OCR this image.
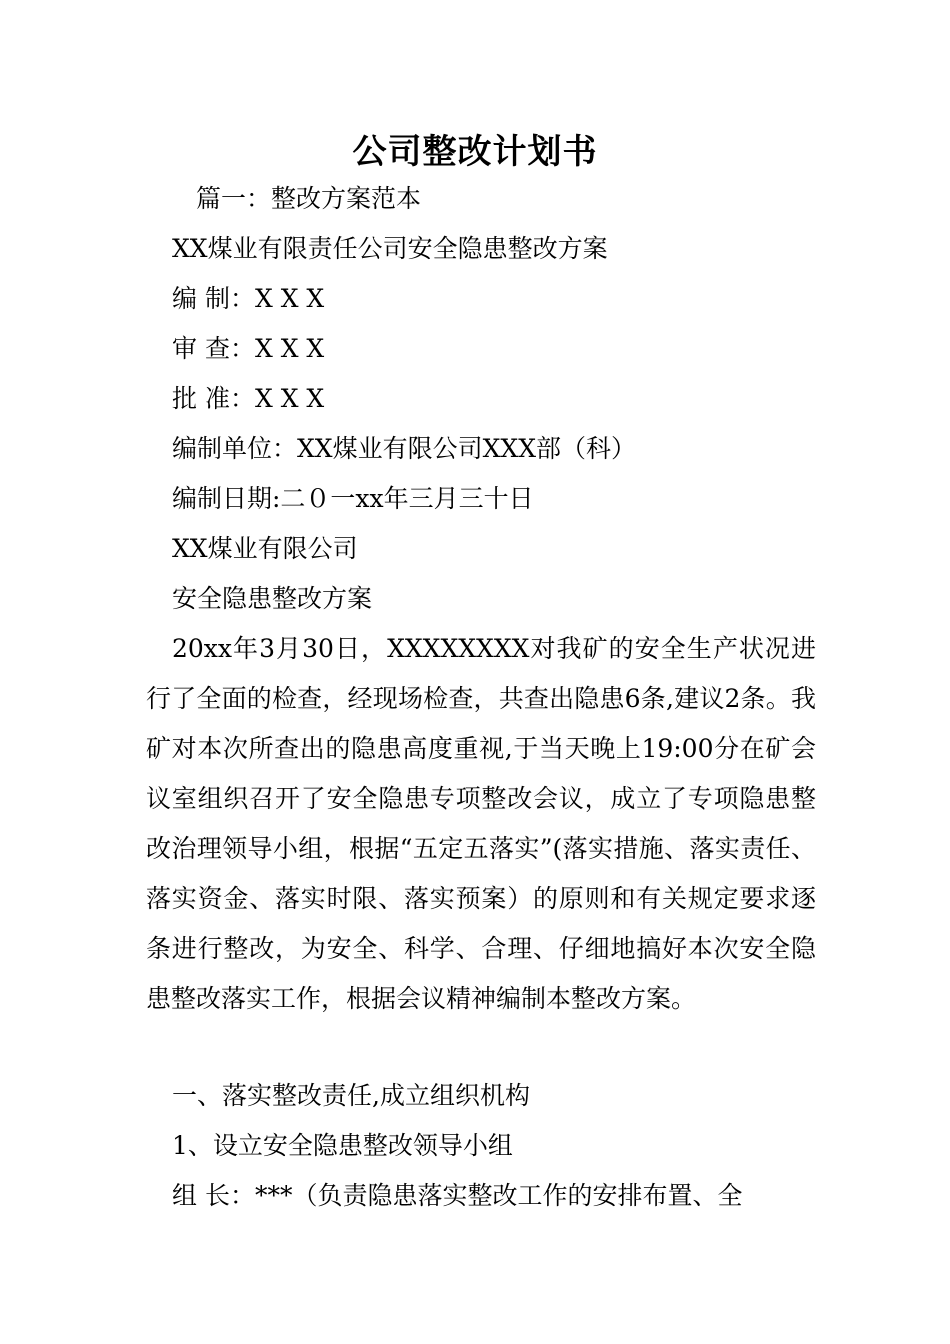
公司整改计划书
篇一：整改方案范本
XX煤业有限责任公司安全隐患整改方案
编 制：X X X
审 查：X X X
批 准：X X X
编制单位：XX煤业有限公司XXX部（科）
编制日期:二０一xx年三月三十日
XX煤业有限公司
安全隐患整改方案
20xx年3月30日，XXXXXXXX对我矿的安全生产状况进行了全面的检查，经现场检查，共查出隐患6条,建议2条。我矿对本次所查出的隐患高度重视,于当天晚上19:00分在矿会议室组织召开了安全隐患专项整改会议，成立了专项隐患整改治理领导小组，根据“五定五落实”(落实措施、落实责任、落实资金、落实时限、落实预案）的原则和有关规定要求逐条进行整改，为安全、科学、合理、仔细地搞好本次安全隐患整改落实工作，根据会议精神编制本整改方案。
一、落实整改责任,成立组织机构
1、设立安全隐患整改领导小组
组 长：***（负责隐患落实整改工作的安排布置、全
